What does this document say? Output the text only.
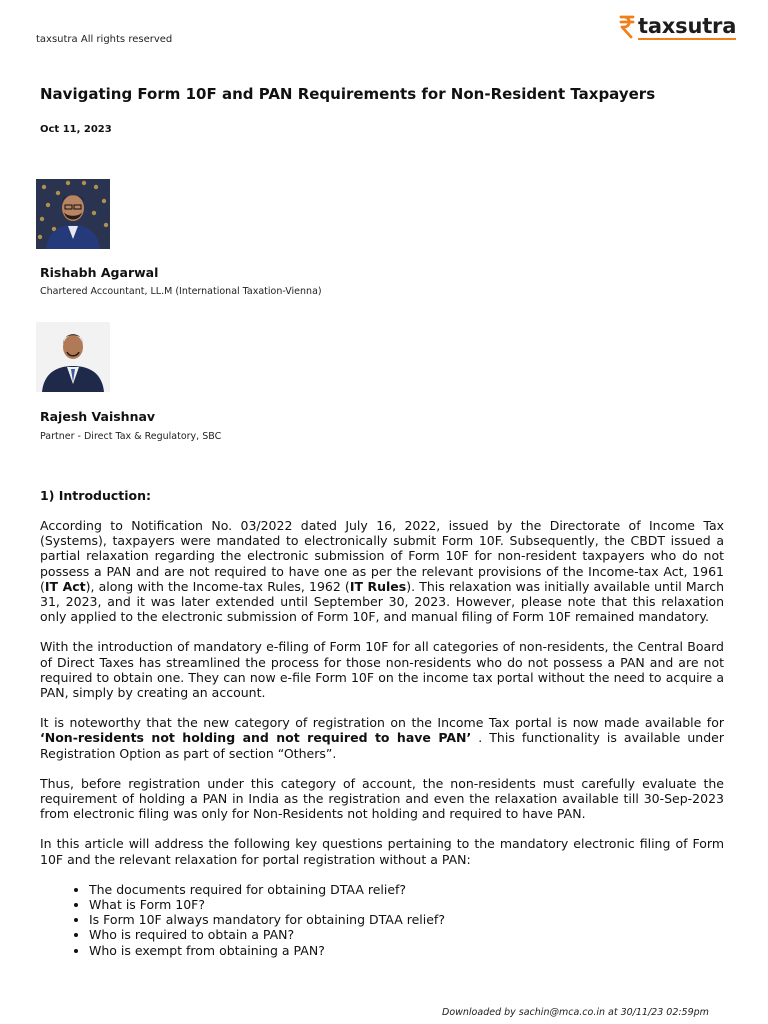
taxsutra All rights reserved
taxsutra
Navigating Form 10F and PAN Requirements for Non-Resident Taxpayers
Oct 11, 2023
Rishabh Agarwal
Chartered Accountant, LL.M (International Taxation-Vienna)
Rajesh Vaishnav
Partner - Direct Tax & Regulatory, SBC
1) Introduction:

According to Notification No. 03/2022 dated July 16, 2022, issued by the Directorate of Income Tax (Systems), taxpayers were mandated to electronically submit Form 10F. Subsequently, the CBDT issued a partial relaxation regarding the electronic submission of Form 10F for non-resident taxpayers who do not possess a PAN and are not required to have one as per the relevant provisions of the Income-tax Act, 1961 (IT Act), along with the Income-tax Rules, 1962 (IT Rules). This relaxation was initially available until March 31, 2023, and it was later extended until September 30, 2023. However, please note that this relaxation only applied to the electronic submission of Form 10F, and manual filing of Form 10F remained mandatory.

With the introduction of mandatory e-filing of Form 10F for all categories of non-residents, the Central Board of Direct Taxes has streamlined the process for those non-residents who do not possess a PAN and are not required to obtain one. They can now e-file Form 10F on the income tax portal without the need to acquire a PAN, simply by creating an account.

It is noteworthy that the new category of registration on the Income Tax portal is now made available for ‘Non-residents not holding and not required to have PAN’ . This functionality is available under Registration Option as part of section “Others”.

Thus, before registration under this category of account, the non-residents must carefully evaluate the requirement of holding a PAN in India as the registration and even the relaxation available till 30-Sep-2023 from electronic filing was only for Non-Residents not holding and required to have PAN.

In this article will address the following key questions pertaining to the mandatory electronic filing of Form 10F and the relevant relaxation for portal registration without a PAN:

• The documents required for obtaining DTAA relief?
• What is Form 10F?
• Is Form 10F always mandatory for obtaining DTAA relief?
• Who is required to obtain a PAN?
• Who is exempt from obtaining a PAN?
Downloaded by sachin@mca.co.in at 30/11/23 02:59pm
